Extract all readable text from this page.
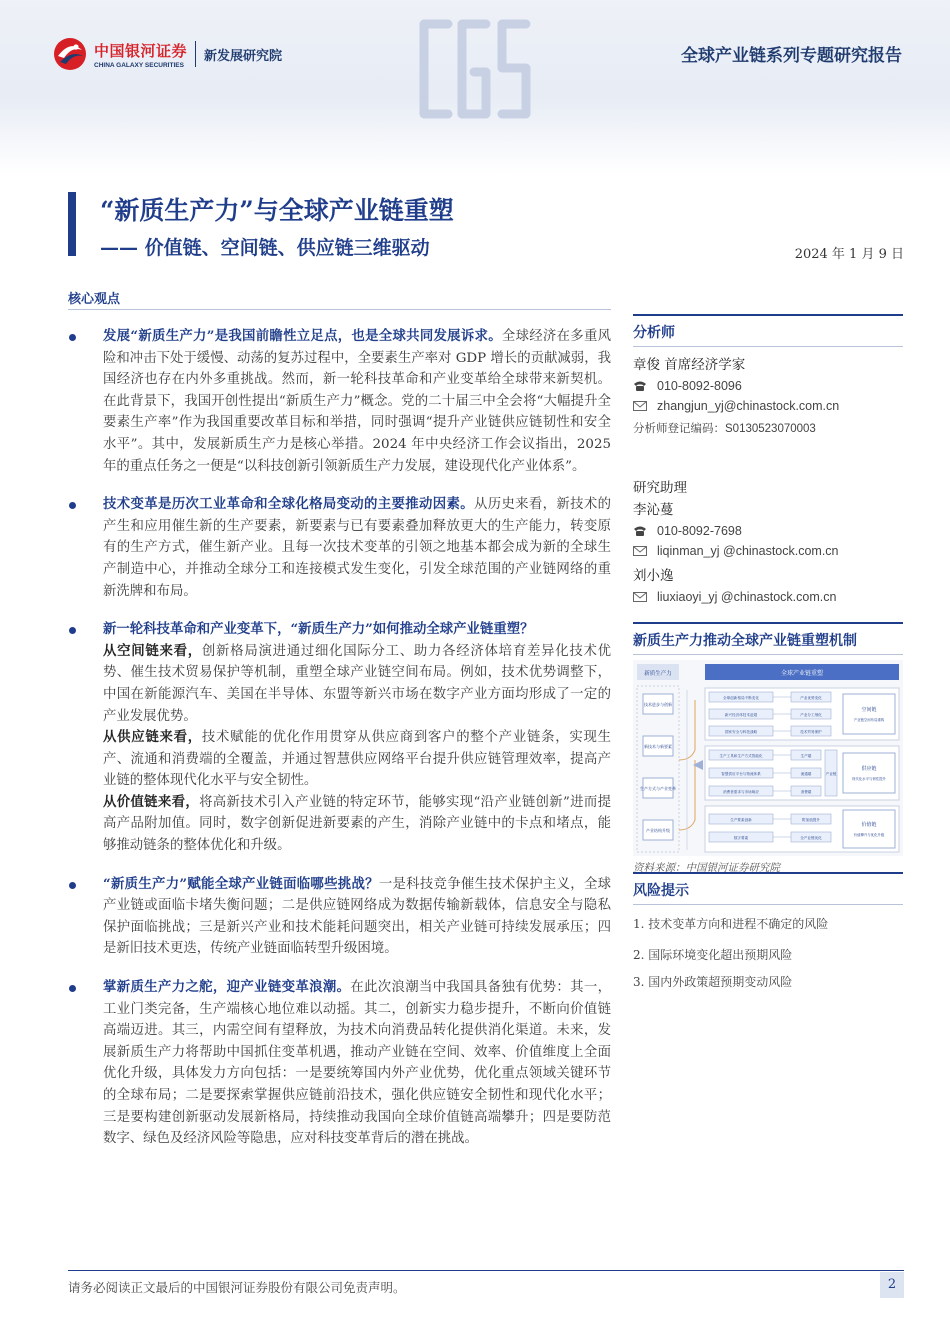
中国银河证券
CHINA GALAXY SECURITIES
新发展研究院	全球产业链系列专题研究报告
“新质生产力”与全球产业链重塑
—— 价值链、空间链、供应链三维驱动	2024 年 1 月 9 日
核心观点

发展“新质生产力”是我国前瞻性立足点，也是全球共同发展诉求。全球经济在多重风险和冲击下处于缓慢、动荡的复苏过程中，全要素生产率对 GDP 增长的贡献减弱，我国经济也存在内外多重挑战。然而，新一轮科技革命和产业变革给全球带来新契机。在此背景下，我国开创性提出“新质生产力”概念。党的二十届三中全会将“大幅提升全要素生产率”作为我国重要改革目标和举措，同时强调“提升产业链供应链韧性和安全水平”。其中，发展新质生产力是核心举措。2024 年中央经济工作会议指出，2025 年的重点任务之一便是“以科技创新引领新质生产力发展，建设现代化产业体系”。

技术变革是历次工业革命和全球化格局变动的主要推动因素。从历史来看，新技术的产生和应用催生新的生产要素，新要素与已有要素叠加释放更大的生产能力，转变原有的生产方式，催生新产业。且每一次技术变革的引领之地基本都会成为新的全球生产制造中心，并推动全球分工和连接模式发生变化，引发全球范围的产业链网络的重新洗牌和布局。

新一轮科技革命和产业变革下，“新质生产力”如何推动全球产业链重塑？

从空间链来看，创新格局演进通过细化国际分工、助力各经济体培育差异化技术优势、催生技术贸易保护等机制，重塑全球产业链空间布局。例如，技术优势调整下，中国在新能源汽车、美国在半导体、东盟等新兴市场在数字产业方面均形成了一定的产业发展优势。

从供应链来看，技术赋能的优化作用贯穿从供应商到客户的整个产业链条，实现生产、流通和消费端的全覆盖，并通过智慧供应网络平台提升供应链管理效率，提高产业链的整体现代化水平与安全韧性。

从价值链来看，将高新技术引入产业链的特定环节，能够实现“沿产业链创新”进而提高产品附加值。同时，数字创新促进新要素的产生，消除产业链中的卡点和堵点，能够推动链条的整体优化和升级。

“新质生产力”赋能全球产业链面临哪些挑战？一是科技竞争催生技术保护主义，全球产业链或面临卡堵失衡问题；二是供应链网络成为数据传输新载体，信息安全与隐私保护面临挑战；三是新兴产业和技术能耗问题突出，相关产业链可持续发展承压；四是新旧技术更迭，传统产业链面临转型升级困境。

掌新质生产力之舵，迎产业链变革浪潮。在此次浪潮当中我国具备独有优势：其一，工业门类完备，生产端核心地位难以动摇。其二，创新实力稳步提升，不断向价值链高端迈进。其三，内需空间有望释放，为技术向消费品转化提供消化渠道。未来，发展新质生产力将帮助中国抓住变革机遇，推动产业链在空间、效率、价值维度上全面优化升级，具体发力方向包括：一是要统筹国内外产业优势，优化重点领域关键环节的全球布局；二是要探索掌握供应链前沿技术，强化供应链安全韧性和现代化水平；三是要构建创新驱动发展新格局，持续推动我国向全球价值链高端攀升；四是要防范数字、绿色及经济风险等隐患，应对科技变革背后的潜在挑战。

分析师
章俊 首席经济学家
010-8092-8096
zhangjun_yj@chinastock.com.cn
分析师登记编码：S0130523070003
研究助理
李沁蔓
010-8092-7698
liqinman_yj @chinastock.com.cn
刘小逸
liuxiaoyi_yj @chinastock.com.cn
新质生产力推动全球产业链重塑机制
新质生产力
技术进步与创新
新技术与新要素
生产方式与产业变革
产业结构升级
全球产业链重塑
全球创新格局不断变化	产业优势变化
新兴经济体技术赶超	产业分工细化
国家安全与科技战略	技术贸易保护
生产工具和生产方式智能化	生产端
智慧供应平台与物流体系	流通端
消费者需求与市场响应	消费端
生产要素创新	附加值提升
数字要素	全产业链优化
产业链
空间链
产业链空间布局重构
供应链
现代化水平与韧性提升
价值链
价值攀升与优化升级
资料来源：中国银河证券研究院
风险提示
1. 技术变革方向和进程不确定的风险
2. 国际环境变化超出预期风险
3. 国内外政策超预期变动风险
请务必阅读正文最后的中国银河证券股份有限公司免责声明。	2
